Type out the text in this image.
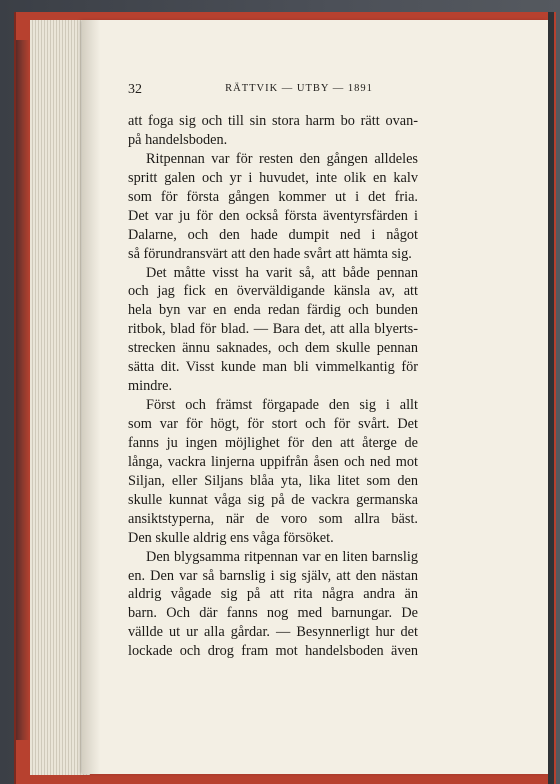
32	RÄTTVIK — UTBY — 1891
att foga sig och till sin stora harm bo rätt ovan-
på handelsboden.
Ritpennan var för resten den gången alldeles
spritt galen och yr i huvudet, inte olik en kalv
som för första gången kommer ut i det fria.
Det var ju för den också första äventyrsfärden i
Dalarne, och den hade dumpit ned i något
så förundransvärt att den hade svårt att hämta sig.
Det måtte visst ha varit så, att både pennan
och jag fick en överväldigande känsla av, att
hela byn var en enda redan färdig och bunden
ritbok, blad för blad. — Bara det, att alla blyerts-
strecken ännu saknades, och dem skulle pennan
sätta dit. Visst kunde man bli vimmelkantig för
mindre.
Först och främst förgapade den sig i allt
som var för högt, för stort och för svårt. Det
fanns ju ingen möjlighet för den att återge de
långa, vackra linjerna uppifrån åsen och ned mot
Siljan, eller Siljans blåa yta, lika litet som den
skulle kunnat våga sig på de vackra germanska
ansiktstyperna, när de voro som allra bäst.
Den skulle aldrig ens våga försöket.
Den blygsamma ritpennan var en liten barnslig
en. Den var så barnslig i sig själv, att den nästan
aldrig vågade sig på att rita några andra än
barn. Och där fanns nog med barnungar. De
vällde ut ur alla gårdar. — Besynnerligt hur det
lockade och drog fram mot handelsboden även
